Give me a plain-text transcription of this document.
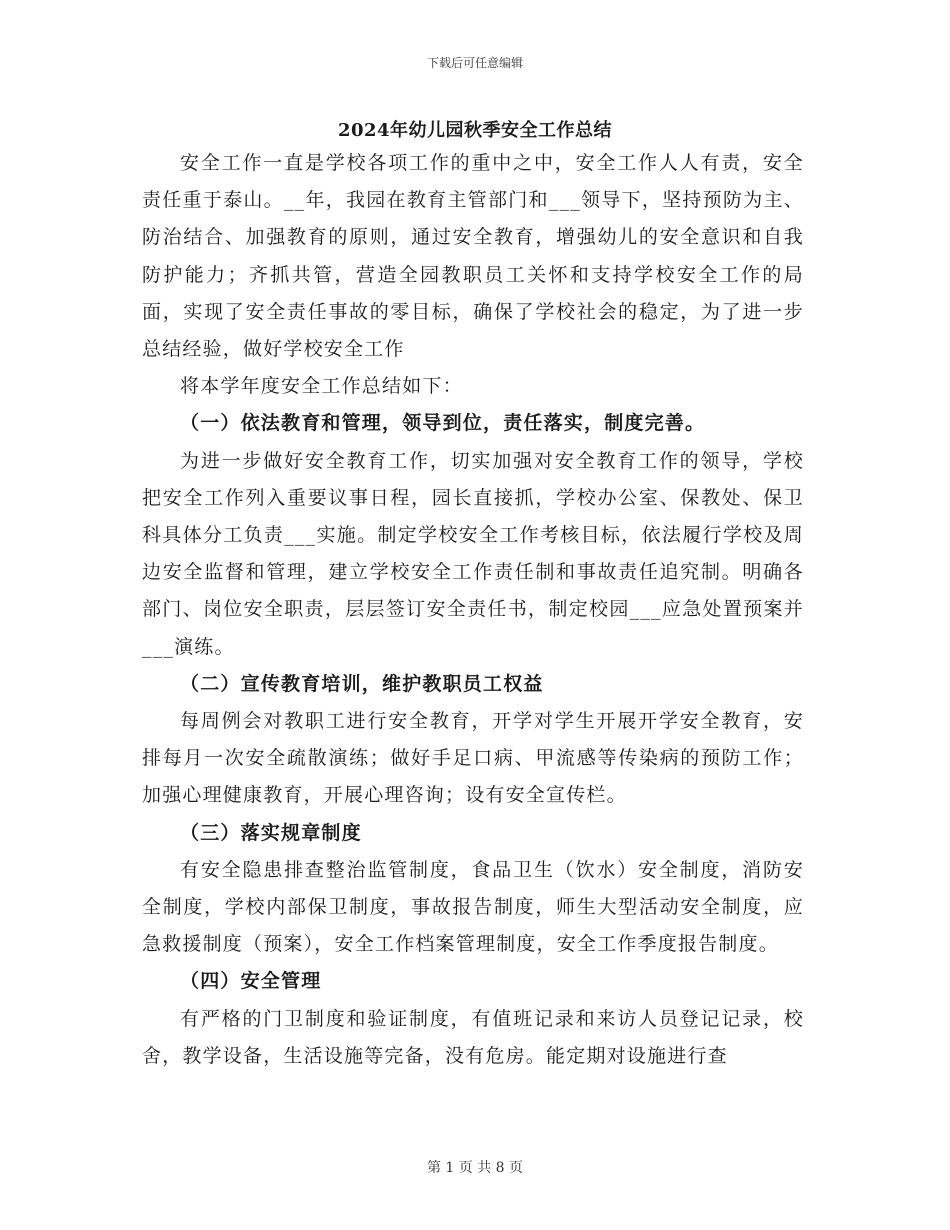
下载后可任意编辑
2024年幼儿园秋季安全工作总结

安全工作一直是学校各项工作的重中之中，安全工作人人有责，安全责任重于泰山。__年，我园在教育主管部门和___领导下，坚持预防为主、防治结合、加强教育的原则，通过安全教育，增强幼儿的安全意识和自我防护能力；齐抓共管，营造全园教职员工关怀和支持学校安全工作的局面，实现了安全责任事故的零目标，确保了学校社会的稳定，为了进一步总结经验，做好学校安全工作

将本学年度安全工作总结如下：

（一）依法教育和管理，领导到位，责任落实，制度完善。

为进一步做好安全教育工作，切实加强对安全教育工作的领导，学校把安全工作列入重要议事日程，园长直接抓，学校办公室、保教处、保卫科具体分工负责___实施。制定学校安全工作考核目标，依法履行学校及周边安全监督和管理，建立学校安全工作责任制和事故责任追究制。明确各部门、岗位安全职责，层层签订安全责任书，制定校园___应急处置预案并___演练。

（二）宣传教育培训，维护教职员工权益

每周例会对教职工进行安全教育，开学对学生开展开学安全教育，安排每月一次安全疏散演练；做好手足口病、甲流感等传染病的预防工作；加强心理健康教育，开展心理咨询；设有安全宣传栏。

（三）落实规章制度

有安全隐患排查整治监管制度，食品卫生（饮水）安全制度，消防安全制度，学校内部保卫制度，事故报告制度，师生大型活动安全制度，应急救援制度（预案），安全工作档案管理制度，安全工作季度报告制度。

（四）安全管理

有严格的门卫制度和验证制度，有值班记录和来访人员登记记录，校舍，教学设备，生活设施等完备，没有危房。能定期对设施进行查

第 1 页 共 8 页
